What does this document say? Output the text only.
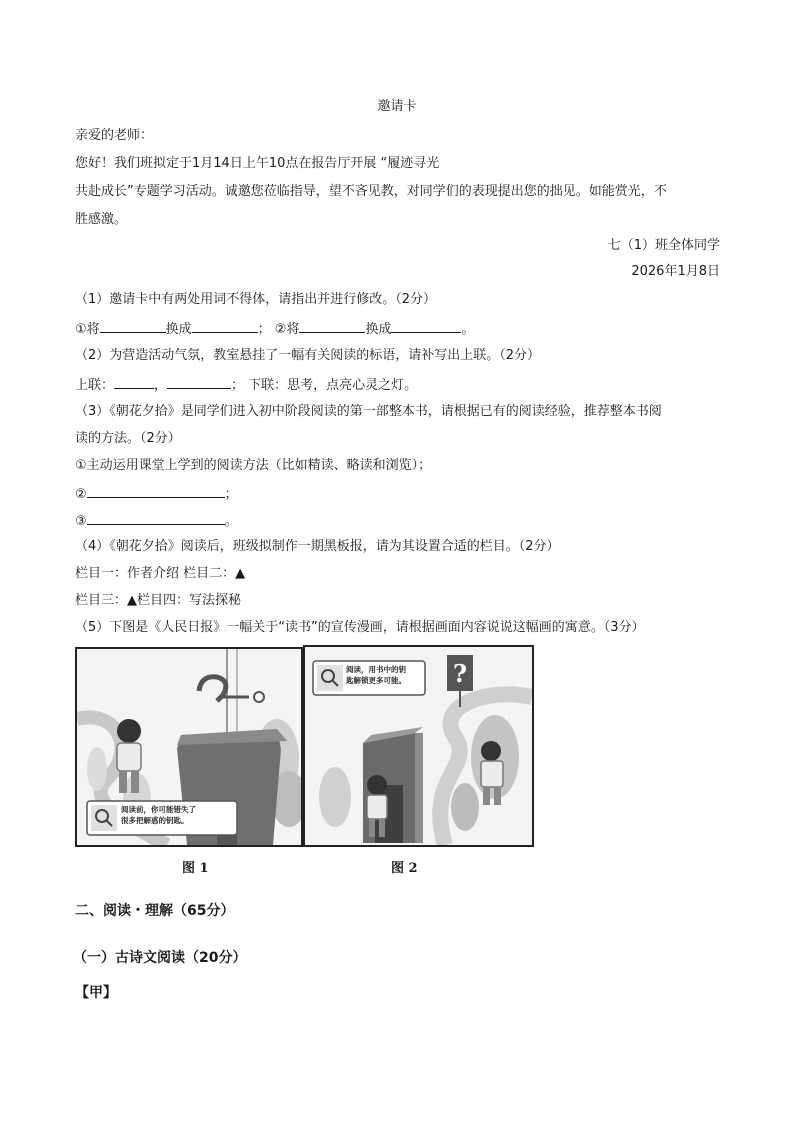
邀请卡
亲爱的老师：
您好！我们班拟定于1月14日上午10点在报告厅开展 “履迹寻光
共赴成长”专题学习活动。诚邀您莅临指导，望不吝见教，对同学们的表现提出您的拙见。如能赏光，不
胜感激。
七（1）班全体同学
2026年1月8日
（1）邀请卡中有两处用词不得体，请指出并进行修改。（2分）
①将	换成	； ②将	换成	。
（2）为营造活动气氛，教室悬挂了一幅有关阅读的标语，请补写出上联。（2分）
上联：	，	； 下联：思考，点亮心灵之灯。
（3）《朝花夕拾》是同学们进入初中阶段阅读的第一部整本书，请根据已有的阅读经验，推荐整本书阅
读的方法。（2分）
①主动运用课堂上学到的阅读方法（比如精读、略读和浏览）；
②	；
③	。
（4）《朝花夕拾》阅读后，班级拟制作一期黑板报，请为其设置合适的栏目。（2分）
栏目一：作者介绍 栏目二：▲
栏目三：▲栏目四：写法探秘
（5）下图是《人民日报》一幅关于“读书”的宣传漫画，请根据画面内容说说这幅画的寓意。（3分）
阅读前，你可能错失了
很多把解惑的钥匙。
图 1
?
阅读，用书中的钥
匙解锁更多可能。
图 2
二、阅读・理解（65分）
（一）古诗文阅读（20分）
【甲】
